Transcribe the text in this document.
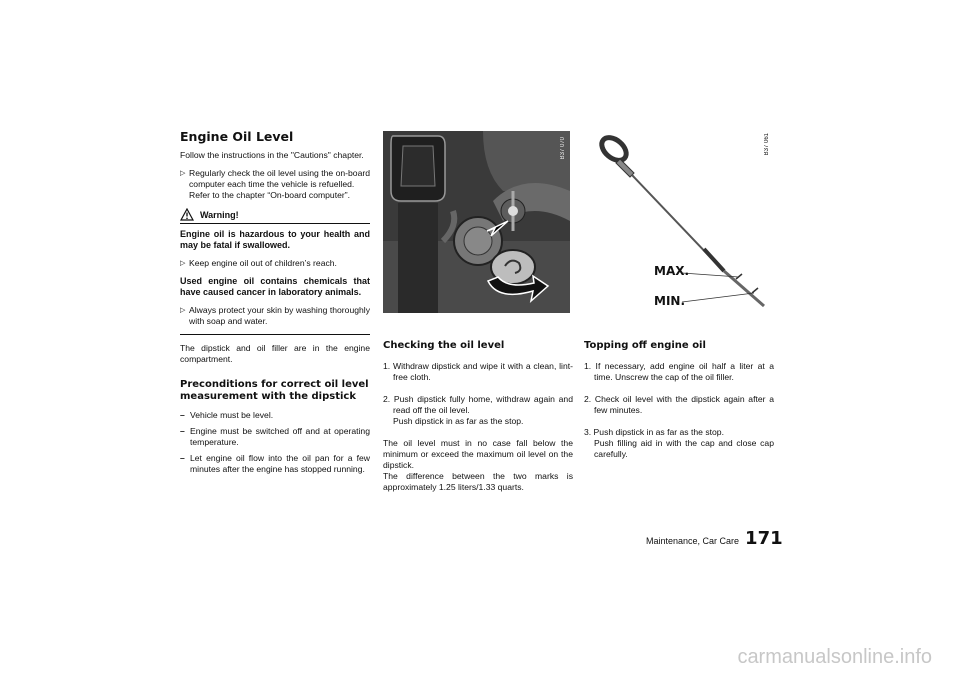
Engine Oil Level

Follow the instructions in the "Cautions" chapter.

▷ Regularly check the oil level using the on-board computer each time the vehicle is refuelled.
Refer to the chapter “On-board computer”.
Warning!

Engine oil is hazardous to your health and may be fatal if swallowed.

▷ Keep engine oil out of children’s reach.

Used engine oil contains chemicals that have caused cancer in laboratory animals.

▷ Always protect your skin by washing thoroughly with soap and water.

The dipstick and oil filler are in the engine compartment.

Preconditions for correct oil level measurement with the dipstick
– Vehicle must be level.
– Engine must be switched off and at operating temperature.
– Let engine oil flow into the oil pan for a few minutes after the engine has stopped running.
B37 070
MAX.
MIN.
B37 061
Checking the oil level

1. Withdraw dipstick and wipe it with a clean, lint-free cloth.

2. Push dipstick fully home, withdraw again and read off the oil level.
Push dipstick in as far as the stop.

The oil level must in no case fall below the minimum or exceed the maximum oil level on the dipstick.
The difference between the two marks is approximately 1.25 liters/1.33 quarts.

Topping off engine oil

1. If necessary, add engine oil half a liter at a time. Unscrew the cap of the oil filler.

2. Check oil level with the dipstick again after a few minutes.

3. Push dipstick in as far as the stop.
Push filling aid in with the cap and close cap carefully.

Maintenance, Car Care 171
carmanualsonline.info
